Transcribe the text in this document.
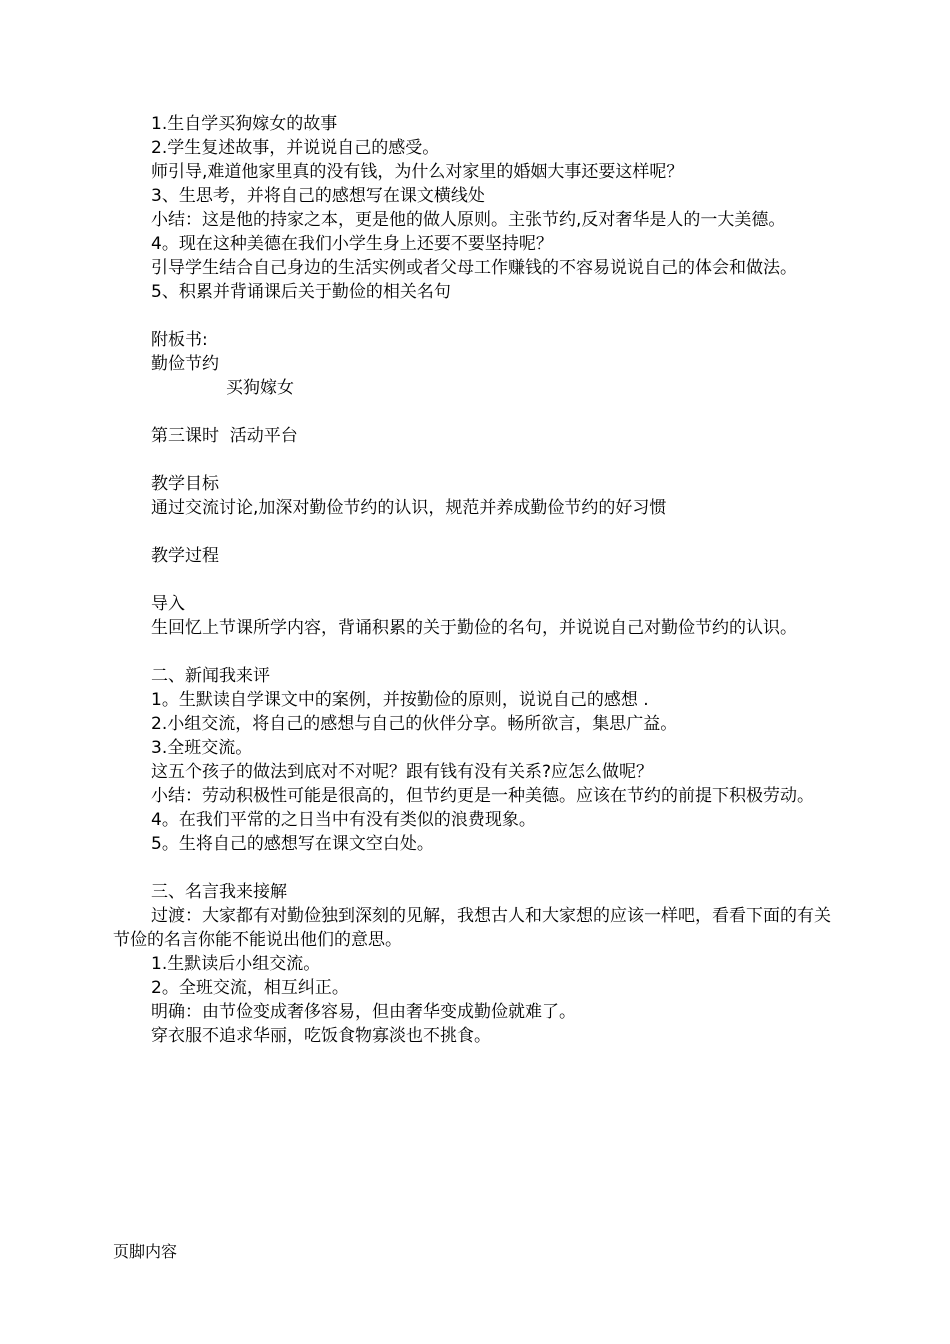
1.生自学买狗嫁女的故事
2.学生复述故事，并说说自己的感受。
师引导,难道他家里真的没有钱，为什么对家里的婚姻大事还要这样呢？
3、生思考，并将自己的感想写在课文横线处
小结：这是他的持家之本，更是他的做人原则。主张节约,反对奢华是人的一大美德。
4。现在这种美德在我们小学生身上还要不要坚持呢？
引导学生结合自己身边的生活实例或者父母工作赚钱的不容易说说自己的体会和做法。
5、积累并背诵课后关于勤俭的相关名句
附板书:
勤俭节约
买狗嫁女
第三课时  活动平台
教学目标
通过交流讨论,加深对勤俭节约的认识，规范并养成勤俭节约的好习惯
教学过程
导入
生回忆上节课所学内容，背诵积累的关于勤俭的名句，并说说自己对勤俭节约的认识。
二、新闻我来评
1。生默读自学课文中的案例，并按勤俭的原则，说说自己的感想 .
2.小组交流，将自己的感想与自己的伙伴分享。畅所欲言，集思广益。
3.全班交流。
这五个孩子的做法到底对不对呢？跟有钱有没有关系?应怎么做呢？
小结：劳动积极性可能是很高的，但节约更是一种美德。应该在节约的前提下积极劳动。
4。在我们平常的之日当中有没有类似的浪费现象。
5。生将自己的感想写在课文空白处。
三、名言我来接解
过渡：大家都有对勤俭独到深刻的见解，我想古人和大家想的应该一样吧，看看下面的有关节俭的名言你能不能说出他们的意思。
1.生默读后小组交流。
2。全班交流，相互纠正。
明确：由节俭变成奢侈容易，但由奢华变成勤俭就难了。
穿衣服不追求华丽，吃饭食物寡淡也不挑食。
页脚内容
